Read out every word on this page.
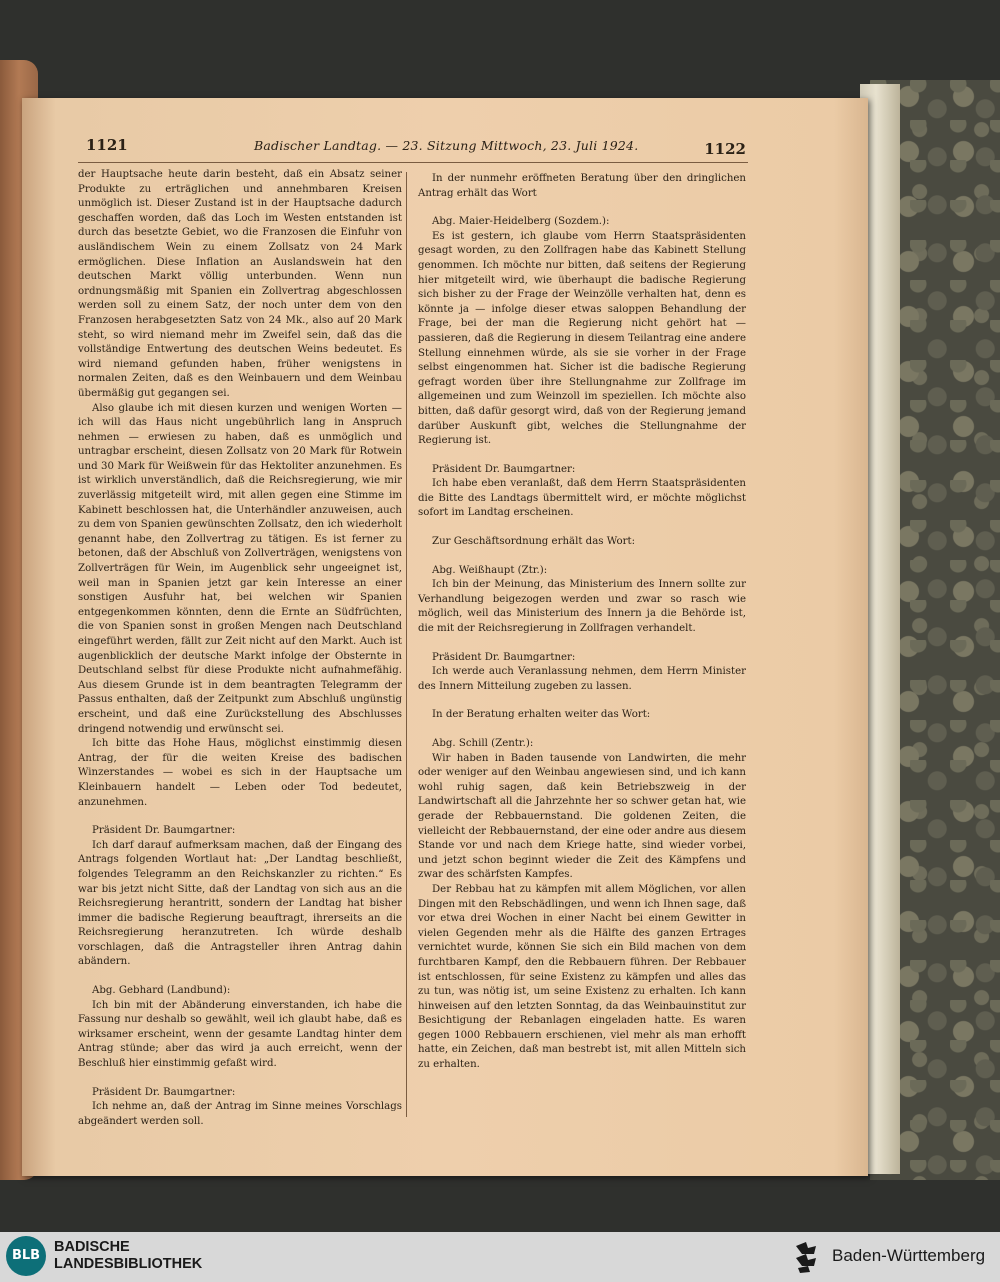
1121	Badischer Landtag. — 23. Sitzung Mittwoch, 23. Juli 1924.	1122

der Hauptsache heute darin besteht, daß ein Absatz seiner Produkte zu erträglichen und annehmbaren Kreisen unmöglich ist. Dieser Zustand ist in der Hauptsache dadurch geschaffen worden, daß das Loch im Westen entstanden ist durch das besetzte Gebiet, wo die Franzosen die Einfuhr von ausländischem Wein zu einem Zollsatz von 24 Mark ermöglichen. Diese Inflation an Auslandswein hat den deutschen Markt völlig unterbunden. Wenn nun ordnungsmäßig mit Spanien ein Zollvertrag abgeschlossen werden soll zu einem Satz, der noch unter dem von den Franzosen herabgesetzten Satz von 24 Mk., also auf 20 Mark steht, so wird niemand mehr im Zweifel sein, daß das die vollständige Entwertung des deutschen Weins bedeutet. Es wird niemand gefunden haben, früher wenigstens in normalen Zeiten, daß es den Weinbauern und dem Weinbau übermäßig gut gegangen sei.

Also glaube ich mit diesen kurzen und wenigen Worten — ich will das Haus nicht ungebührlich lang in Anspruch nehmen — erwiesen zu haben, daß es unmöglich und untragbar erscheint, diesen Zollsatz von 20 Mark für Rotwein und 30 Mark für Weißwein für das Hektoliter anzunehmen. Es ist wirklich unverständlich, daß die Reichsregierung, wie mir zuverlässig mitgeteilt wird, mit allen gegen eine Stimme im Kabinett beschlossen hat, die Unterhändler anzuweisen, auch zu dem von Spanien gewünschten Zollsatz, den ich wiederholt genannt habe, den Zollvertrag zu tätigen. Es ist ferner zu betonen, daß der Abschluß von Zollverträgen, wenigstens von Zollverträgen für Wein, im Augenblick sehr ungeeignet ist, weil man in Spanien jetzt gar kein Interesse an einer sonstigen Ausfuhr hat, bei welchen wir Spanien entgegenkommen könnten, denn die Ernte an Südfrüchten, die von Spanien sonst in großen Mengen nach Deutschland eingeführt werden, fällt zur Zeit nicht auf den Markt. Auch ist augenblicklich der deutsche Markt infolge der Obsternte in Deutschland selbst für diese Produkte nicht aufnahmefähig. Aus diesem Grunde ist in dem beantragten Telegramm der Passus enthalten, daß der Zeitpunkt zum Abschluß ungünstig erscheint, und daß eine Zurückstellung des Abschlusses dringend notwendig und erwünscht sei.

Ich bitte das Hohe Haus, möglichst einstimmig diesen Antrag, der für die weiten Kreise des badischen Winzerstandes — wobei es sich in der Hauptsache um Kleinbauern handelt — Leben oder Tod bedeutet, anzunehmen.

Präsident Dr. Baumgartner:

Ich darf darauf aufmerksam machen, daß der Eingang des Antrags folgenden Wortlaut hat: „Der Landtag beschließt, folgendes Telegramm an den Reichskanzler zu richten.“ Es war bis jetzt nicht Sitte, daß der Landtag von sich aus an die Reichsregierung herantritt, sondern der Landtag hat bisher immer die badische Regierung beauftragt, ihrerseits an die Reichsregierung heranzutreten. Ich würde deshalb vorschlagen, daß die Antragsteller ihren Antrag dahin abändern.

Abg. Gebhard (Landbund):

Ich bin mit der Abänderung einverstanden, ich habe die Fassung nur deshalb so gewählt, weil ich glaubt habe, daß es wirksamer erscheint, wenn der gesamte Landtag hinter dem Antrag stünde; aber das wird ja auch erreicht, wenn der Beschluß hier einstimmig gefaßt wird.

Präsident Dr. Baumgartner:

Ich nehme an, daß der Antrag im Sinne meines Vorschlags abgeändert werden soll.

In der nunmehr eröffneten Beratung über den dringlichen Antrag erhält das Wort

Abg. Maier-Heidelberg (Sozdem.):

Es ist gestern, ich glaube vom Herrn Staatspräsidenten gesagt worden, zu den Zollfragen habe das Kabinett Stellung genommen. Ich möchte nur bitten, daß seitens der Regierung hier mitgeteilt wird, wie überhaupt die badische Regierung sich bisher zu der Frage der Weinzölle verhalten hat, denn es könnte ja — infolge dieser etwas saloppen Behandlung der Frage, bei der man die Regierung nicht gehört hat — passieren, daß die Regierung in diesem Teilantrag eine andere Stellung einnehmen würde, als sie sie vorher in der Frage selbst eingenommen hat. Sicher ist die badische Regierung gefragt worden über ihre Stellungnahme zur Zollfrage im allgemeinen und zum Weinzoll im speziellen. Ich möchte also bitten, daß dafür gesorgt wird, daß von der Regierung jemand darüber Auskunft gibt, welches die Stellungnahme der Regierung ist.

Präsident Dr. Baumgartner:

Ich habe eben veranlaßt, daß dem Herrn Staatspräsidenten die Bitte des Landtags übermittelt wird, er möchte möglichst sofort im Landtag erscheinen.

Zur Geschäftsordnung erhält das Wort:

Abg. Weißhaupt (Ztr.):

Ich bin der Meinung, das Ministerium des Innern sollte zur Verhandlung beigezogen werden und zwar so rasch wie möglich, weil das Ministerium des Innern ja die Behörde ist, die mit der Reichsregierung in Zollfragen verhandelt.

Präsident Dr. Baumgartner:

Ich werde auch Veranlassung nehmen, dem Herrn Minister des Innern Mitteilung zugeben zu lassen.

In der Beratung erhalten weiter das Wort:

Abg. Schill (Zentr.):

Wir haben in Baden tausende von Landwirten, die mehr oder weniger auf den Weinbau angewiesen sind, und ich kann wohl ruhig sagen, daß kein Betriebszweig in der Landwirtschaft all die Jahrzehnte her so schwer getan hat, wie gerade der Rebbauernstand. Die goldenen Zeiten, die vielleicht der Rebbauernstand, der eine oder andre aus diesem Stande vor und nach dem Kriege hatte, sind wieder vorbei, und jetzt schon beginnt wieder die Zeit des Kämpfens und zwar des schärfsten Kampfes.

Der Rebbau hat zu kämpfen mit allem Möglichen, vor allen Dingen mit den Rebschädlingen, und wenn ich Ihnen sage, daß vor etwa drei Wochen in einer Nacht bei einem Gewitter in vielen Gegenden mehr als die Hälfte des ganzen Ertrages vernichtet wurde, können Sie sich ein Bild machen von dem furchtbaren Kampf, den die Rebbauern führen. Der Rebbauer ist entschlossen, für seine Existenz zu kämpfen und alles das zu tun, was nötig ist, um seine Existenz zu erhalten. Ich kann hinweisen auf den letzten Sonntag, da das Weinbauinstitut zur Besichtigung der Rebanlagen eingeladen hatte. Es waren gegen 1000 Rebbauern erschienen, viel mehr als man erhofft hatte, ein Zeichen, daß man bestrebt ist, mit allen Mitteln sich zu erhalten.

BLB
BADISCHE
LANDESBIBLIOTHEK	Baden-Württemberg
